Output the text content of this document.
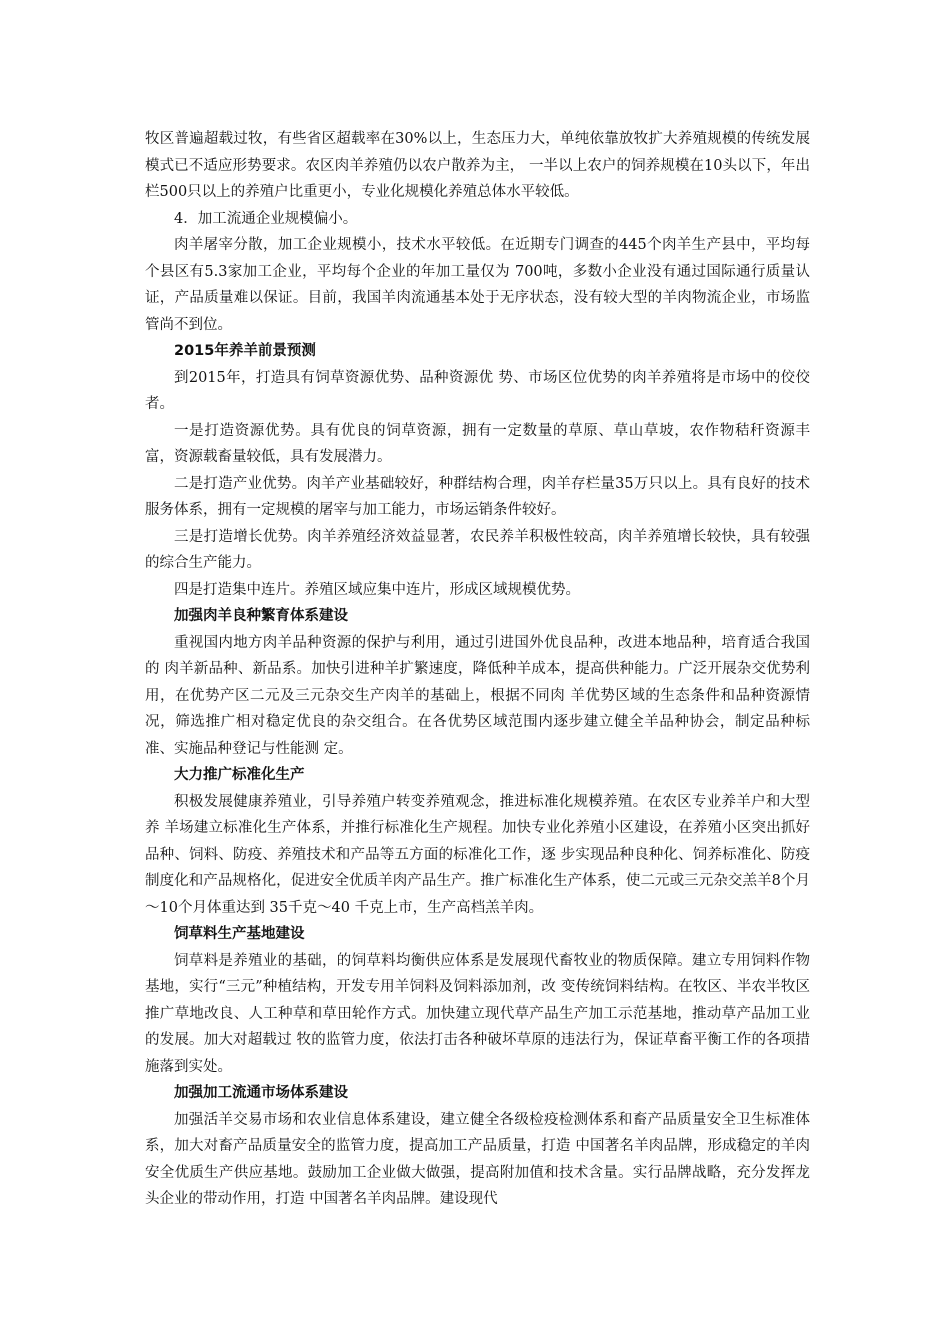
牧区普遍超载过牧，有些省区超载率在30%以上，生态压力大，单纯依靠放牧扩大养殖规模的传统发展模式已不适应形势要求。农区肉羊养殖仍以农户散养为主， 一半以上农户的饲养规模在10头以下，年出栏500只以上的养殖户比重更小，专业化规模化养殖总体水平较低。

4．加工流通企业规模偏小。

肉羊屠宰分散，加工企业规模小，技术水平较低。在近期专门调查的445个肉羊生产县中，平均每个县区有5.3家加工企业，平均每个企业的年加工量仅为 700吨，多数小企业没有通过国际通行质量认证，产品质量难以保证。目前，我国羊肉流通基本处于无序状态，没有较大型的羊肉物流企业，市场监管尚不到位。

2015年养羊前景预测

到2015年，打造具有饲草资源优势、品种资源优 势、市场区位优势的肉羊养殖将是市场中的佼佼者。

一是打造资源优势。具有优良的饲草资源，拥有一定数量的草原、草山草坡，农作物秸秆资源丰富，资源载畜量较低，具有发展潜力。

二是打造产业优势。肉羊产业基础较好，种群结构合理，肉羊存栏量35万只以上。具有良好的技术服务体系，拥有一定规模的屠宰与加工能力，市场运销条件较好。

三是打造增长优势。肉羊养殖经济效益显著，农民养羊积极性较高，肉羊养殖增长较快，具有较强的综合生产能力。

四是打造集中连片。养殖区域应集中连片，形成区域规模优势。

加强肉羊良种繁育体系建设

重视国内地方肉羊品种资源的保护与利用，通过引进国外优良品种，改进本地品种，培育适合我国的 肉羊新品种、新品系。加快引进种羊扩繁速度，降低种羊成本，提高供种能力。广泛开展杂交优势利用，在优势产区二元及三元杂交生产肉羊的基础上，根据不同肉 羊优势区域的生态条件和品种资源情况，筛选推广相对稳定优良的杂交组合。在各优势区域范围内逐步建立健全羊品种协会，制定品种标准、实施品种登记与性能测 定。

大力推广标准化生产

积极发展健康养殖业，引导养殖户转变养殖观念，推进标准化规模养殖。在农区专业养羊户和大型养 羊场建立标准化生产体系，并推行标准化生产规程。加快专业化养殖小区建设，在养殖小区突出抓好品种、饲料、防疫、养殖技术和产品等五方面的标准化工作，逐 步实现品种良种化、饲养标准化、防疫制度化和产品规格化，促进安全优质羊肉产品生产。推广标准化生产体系，使二元或三元杂交羔羊8个月～10个月体重达到 35千克～40 千克上市，生产高档羔羊肉。

饲草料生产基地建设

饲草料是养殖业的基础，的饲草料均衡供应体系是发展现代畜牧业的物质保障。建立专用饲料作物基地，实行“三元”种植结构，开发专用羊饲料及饲料添加剂，改 变传统饲料结构。在牧区、半农半牧区推广草地改良、人工种草和草田轮作方式。加快建立现代草产品生产加工示范基地，推动草产品加工业的发展。加大对超载过 牧的监管力度，依法打击各种破坏草原的违法行为，保证草畜平衡工作的各项措施落到实处。

加强加工流通市场体系建设

加强活羊交易市场和农业信息体系建设，建立健全各级检疫检测体系和畜产品质量安全卫生标准体系，加大对畜产品质量安全的监管力度，提高加工产品质量，打造 中国著名羊肉品牌，形成稳定的羊肉安全优质生产供应基地。鼓励加工企业做大做强，提高附加值和技术含量。实行品牌战略，充分发挥龙头企业的带动作用，打造 中国著名羊肉品牌。建设现代
